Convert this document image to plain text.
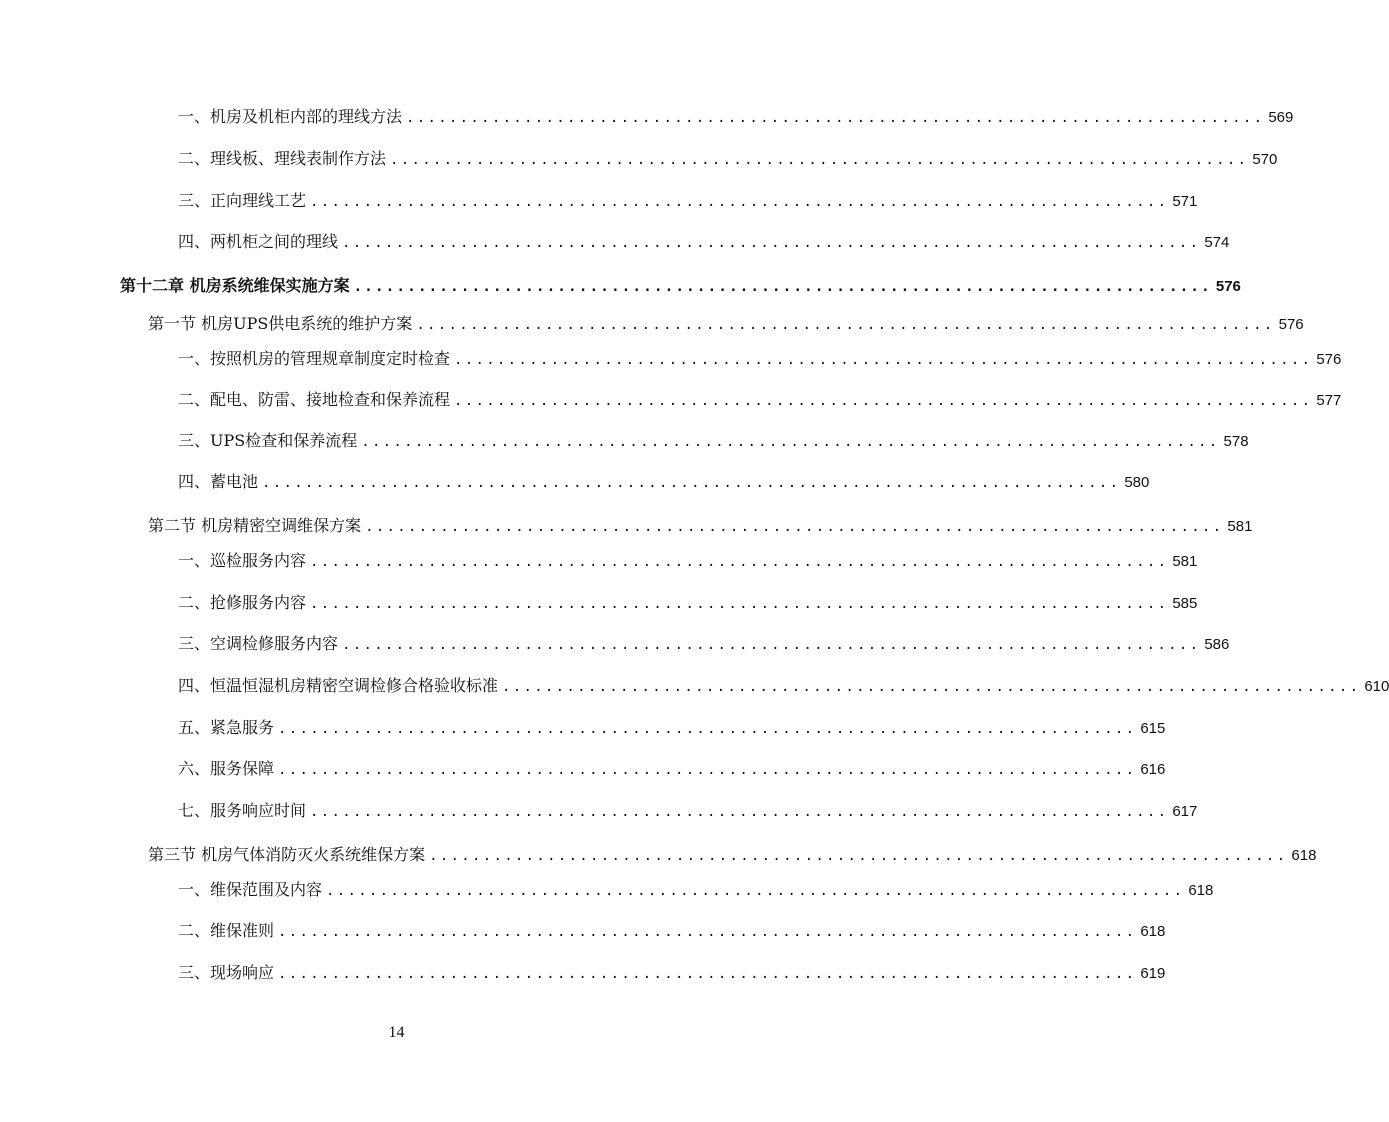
一、机房及机柜内部的理线方法 ................................................................................ 569
二、理线板、理线表制作方法 ................................................................................ 570
三、正向理线工艺 ................................................................................ 571
四、两机柜之间的理线 ................................................................................ 574
第十二章 机房系统维保实施方案 ................................................................................ 576
第一节 机房UPS供电系统的维护方案 ................................................................................ 576
一、按照机房的管理规章制度定时检查 ................................................................................ 576
二、配电、防雷、接地检查和保养流程 ................................................................................ 577
三、UPS检查和保养流程 ................................................................................ 578
四、蓄电池 ................................................................................ 580
第二节 机房精密空调维保方案 ................................................................................ 581
一、巡检服务内容 ................................................................................ 581
二、抢修服务内容 ................................................................................ 585
三、空调检修服务内容 ................................................................................ 586
四、恒温恒湿机房精密空调检修合格验收标准 ................................................................................ 610
五、紧急服务 ................................................................................ 615
六、服务保障 ................................................................................ 616
七、服务响应时间 ................................................................................ 617
第三节 机房气体消防灭火系统维保方案 ................................................................................ 618
一、维保范围及内容 ................................................................................ 618
二、维保准则 ................................................................................ 618
三、现场响应 ................................................................................ 619
14
